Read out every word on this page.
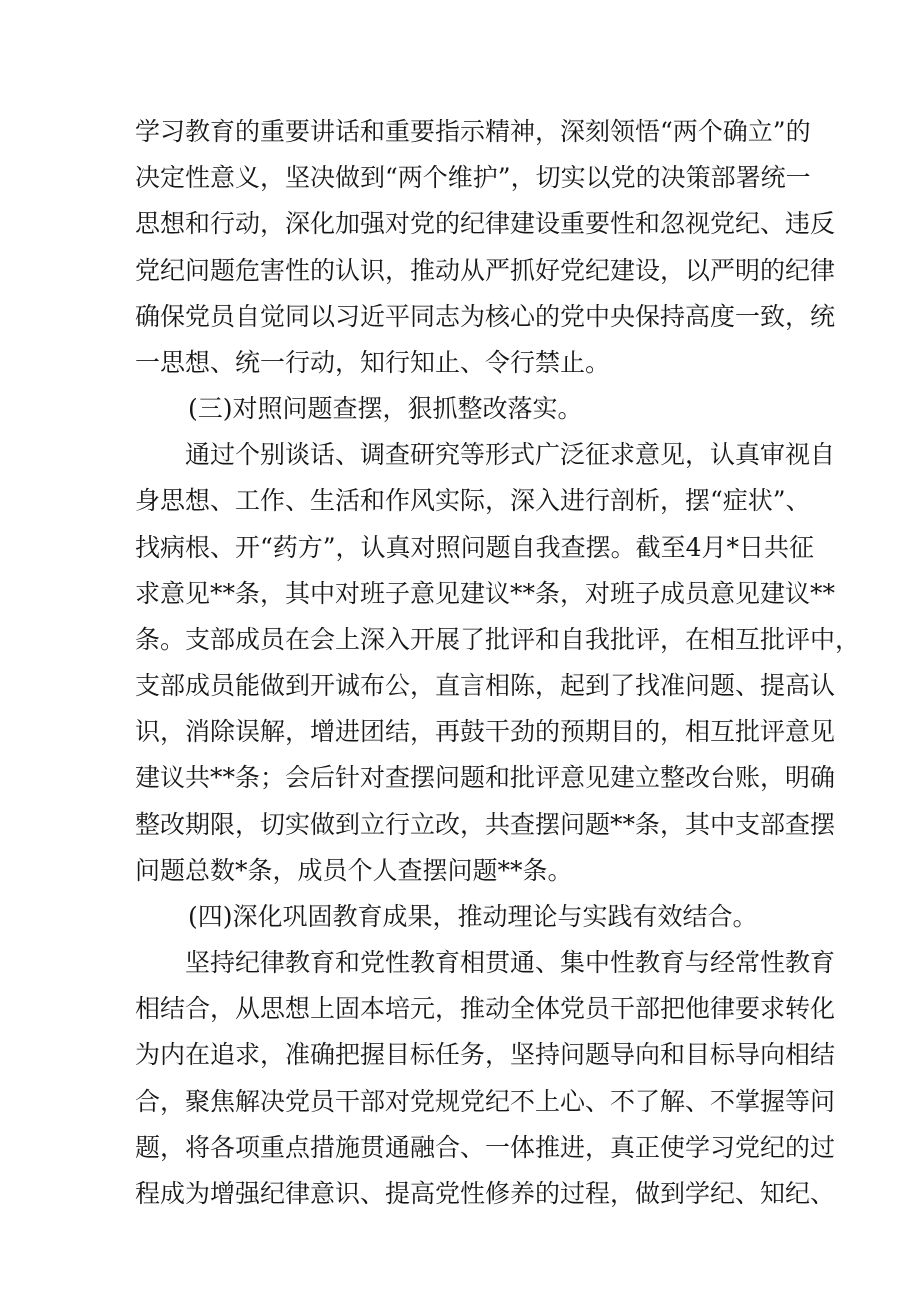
学习教育的重要讲话和重要指示精神，深刻领悟“两个确立”的
决定性意义，坚决做到“两个维护”，切实以党的决策部署统一
思想和行动，深化加强对党的纪律建设重要性和忽视党纪、违反
党纪问题危害性的认识，推动从严抓好党纪建设，以严明的纪律
确保党员自觉同以习近平同志为核心的党中央保持高度一致，统
一思想、统一行动，知行知止、令行禁止。
(三)对照问题查摆，狠抓整改落实。
通过个别谈话、调查研究等形式广泛征求意见，认真审视自
身思想、工作、生活和作风实际，深入进行剖析，摆“症状”、
找病根、开“药方”，认真对照问题自我查摆。截至4月*日共征
求意见**条，其中对班子意见建议**条，对班子成员意见建议**
条。支部成员在会上深入开展了批评和自我批评，在相互批评中，
支部成员能做到开诚布公，直言相陈，起到了找准问题、提高认
识，消除误解，增进团结，再鼓干劲的预期目的，相互批评意见
建议共**条；会后针对查摆问题和批评意见建立整改台账，明确
整改期限，切实做到立行立改，共查摆问题**条，其中支部查摆
问题总数*条，成员个人查摆问题**条。
(四)深化巩固教育成果，推动理论与实践有效结合。
坚持纪律教育和党性教育相贯通、集中性教育与经常性教育
相结合，从思想上固本培元，推动全体党员干部把他律要求转化
为内在追求，准确把握目标任务，坚持问题导向和目标导向相结
合，聚焦解决党员干部对党规党纪不上心、不了解、不掌握等问
题，将各项重点措施贯通融合、一体推进，真正使学习党纪的过
程成为增强纪律意识、提高党性修养的过程，做到学纪、知纪、
